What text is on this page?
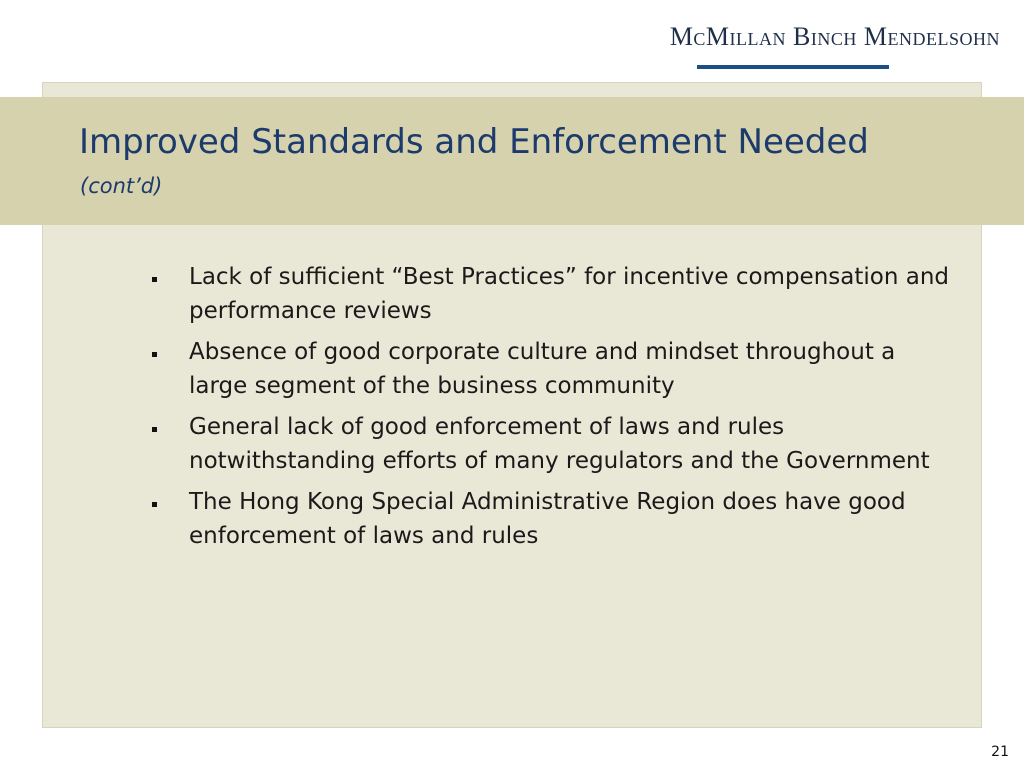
McMillan Binch Mendelsohn
Improved Standards and Enforcement Needed
(cont’d)
Lack of sufficient “Best Practices” for incentive compensation and performance reviews
Absence of good corporate culture and mindset throughout a large segment of the business community
General lack of good enforcement of laws and rules notwithstanding efforts of many regulators and the Government
The Hong Kong Special Administrative Region does have good enforcement of laws and rules
21
